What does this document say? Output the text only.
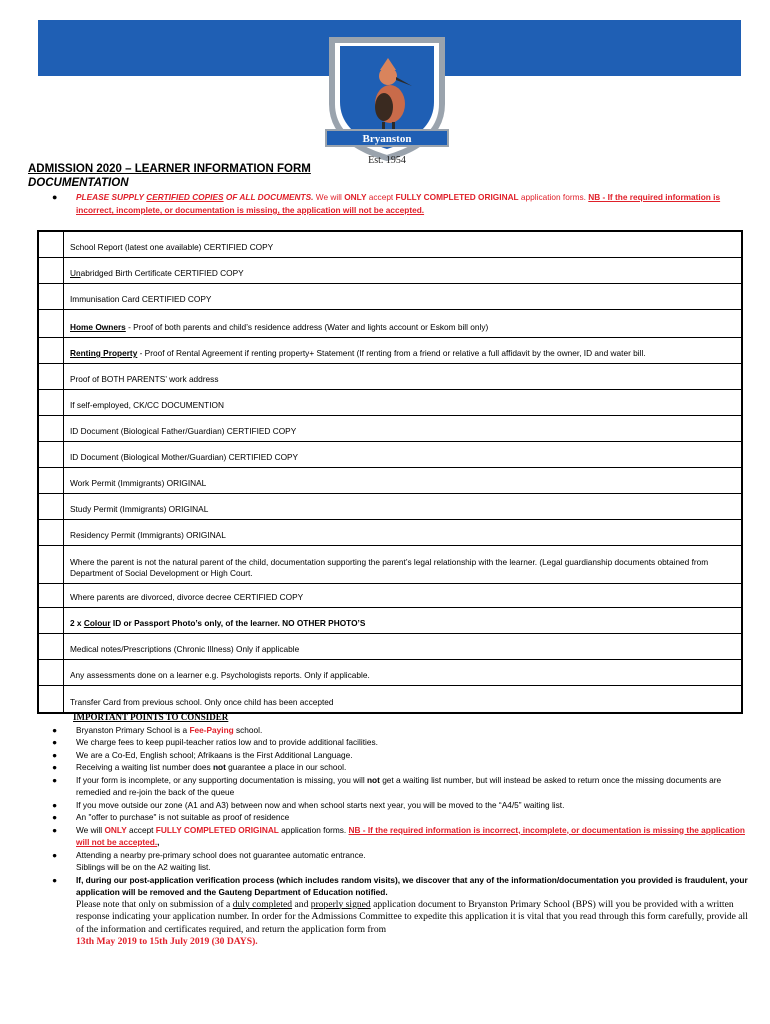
Bryanston
Est. 1954
ADMISSION 2020 – LEARNER INFORMATION FORM
DOCUMENTATION
●	PLEASE SUPPLY CERTIFIED COPIES OF ALL DOCUMENTS. We will ONLY accept FULLY COMPLETED ORIGINAL application forms. NB - If the required information is incorrect, incomplete, or documentation is missing, the application will not be accepted.
School Report (latest one available) CERTIFIED COPY
Unabridged Birth Certificate CERTIFIED COPY
Immunisation Card CERTIFIED COPY
Home Owners - Proof of both parents and child’s residence address (Water and lights account or Eskom bill only)
Renting Property - Proof of Rental Agreement if renting property+ Statement (If renting from a friend or relative a full affidavit by the owner, ID and water bill.
Proof of BOTH PARENTS’ work address
If self-employed, CK/CC DOCUMENTION
ID Document (Biological Father/Guardian) CERTIFIED COPY
ID Document (Biological Mother/Guardian) CERTIFIED COPY
Work Permit (Immigrants) ORIGINAL
Study Permit (Immigrants) ORIGINAL
Residency Permit (Immigrants) ORIGINAL
Where the parent is not the natural parent of the child, documentation supporting the parent’s legal relationship with the learner. (Legal guardianship documents obtained from Department of Social Development or High Court.
Where parents are divorced, divorce decree CERTIFIED COPY
2 x Colour ID or Passport Photo’s only, of the learner. NO OTHER PHOTO’S
Medical notes/Prescriptions (Chronic Illness) Only if applicable
Any assessments done on a learner e.g. Psychologists reports. Only if applicable.
Transfer Card from previous school. Only once child has been accepted
IMPORTANT POINTS TO CONSIDER
● Bryanston Primary School is a Fee-Paying school.
● We charge fees to keep pupil-teacher ratios low and to provide additional facilities.
● We are a Co-Ed, English school; Afrikaans is the First Additional Language.
● Receiving a waiting list number does not guarantee a place in our school.
● If your form is incomplete, or any supporting documentation is missing, you will not get a waiting list number, but will instead be asked to return once the missing documents are remedied and re-join the back of the queue
● If you move outside our zone (A1 and A3) between now and when school starts next year, you will be moved to the “A4/5” waiting list.
● An "offer to purchase" is not suitable as proof of residence
● We will ONLY accept FULLY COMPLETED ORIGINAL application forms. NB - If the required information is incorrect, incomplete, or documentation is missing the application will not be accepted.,
● Attending a nearby pre-primary school does not guarantee automatic entrance.
Siblings will be on the A2 waiting list.
● If, during our post-application verification process (which includes random visits), we discover that any of the information/documentation you provided is fraudulent, your application will be removed and the Gauteng Department of Education notified.
Please note that only on submission of a duly completed and properly signed application document to Bryanston Primary School (BPS) will you be provided with a written response indicating your application number. In order for the Admissions Committee to expedite this application it is vital that you read through this form carefully, provide all of the information and certificates required, and return the application form from
13th May 2019 to 15th July 2019 (30 DAYS).
